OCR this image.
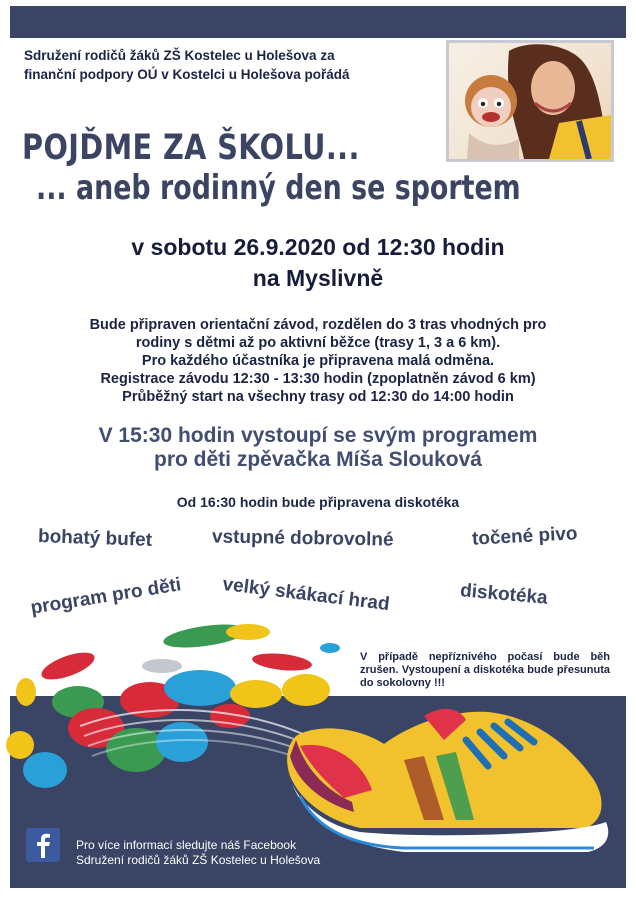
Sdružení rodičů žáků ZŠ Kostelec u Holešova za
finanční podpory OÚ v Kostelci u Holešova pořádá
POJĎME ZA ŠKOLU...
... aneb rodinný den se sportem
v sobotu 26.9.2020 od 12:30 hodin
na Myslivně
Bude připraven orientační závod, rozdělen do 3 tras vhodných pro
rodiny s dětmi až po aktivní běžce (trasy 1, 3 a 6 km).
Pro každého účastníka je připravena malá odměna.
Registrace závodu 12:30 - 13:30 hodin (zpoplatněn závod 6 km)
Průběžný start na všechny trasy od 12:30 do 14:00 hodin
V 15:30 hodin vystoupí se svým programem
pro děti zpěvačka Míša Slouková
Od 16:30 hodin bude připravena diskotéka
bohatý bufet	vstupné dobrovolné	točené pivo
program pro děti velký skákací hrad	diskotéka
V případě nepříznivého počasí bude běh zrušen. Vystoupení a diskotéka bude přesunuta do sokolovny !!!
Pro více informací sledujte náš Facebook
Sdružení rodičů žáků ZŠ Kostelec u Holešova
